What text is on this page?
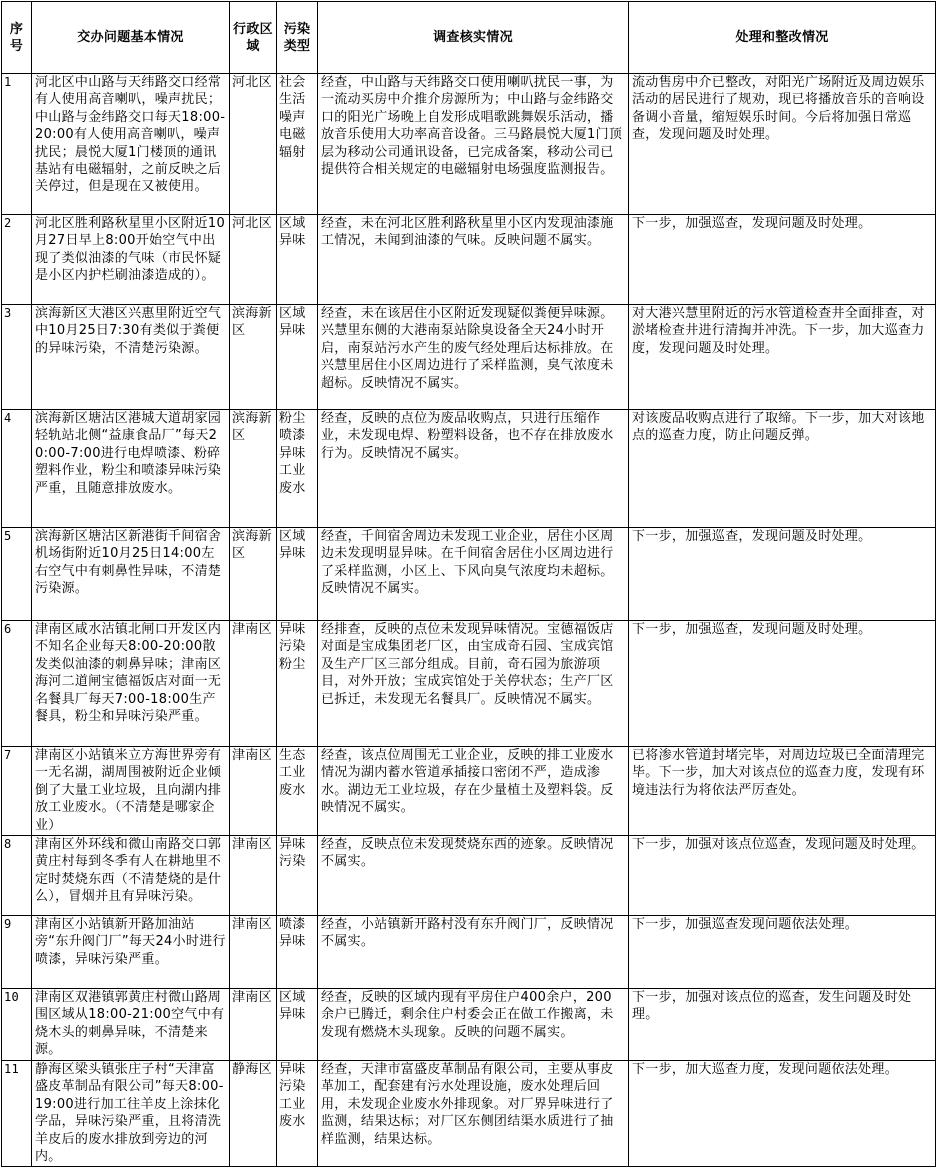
序号	交办问题基本情况	行政区域	污染类型	调查核实情况	处理和整改情况
1	河北区中山路与天纬路交口经常有人使用高音喇叭，噪声扰民；中山路与金纬路交口每天18:00-20:00有人使用高音喇叭，噪声扰民；晨悦大厦1门楼顶的通讯基站有电磁辐射，之前反映之后关停过，但是现在又被使用。	河北区	社会生活噪声电磁辐射	经查，中山路与天纬路交口使用喇叭扰民一事，为一流动买房中介推介房源所为；中山路与金纬路交口的阳光广场晚上自发形成唱歌跳舞娱乐活动，播放音乐使用大功率高音设备。三马路晨悦大厦1门顶层为移动公司通讯设备，已完成备案，移动公司已提供符合相关规定的电磁辐射电场强度监测报告。	流动售房中介已整改，对阳光广场附近及周边娱乐活动的居民进行了规劝，现已将播放音乐的音响设备调小音量，缩短娱乐时间。今后将加强日常巡查，发现问题及时处理。
2	河北区胜利路秋星里小区附近10月27日早上8:00开始空气中出现了类似油漆的气味（市民怀疑是小区内护栏刷油漆造成的）。	河北区	区域异味	经查，未在河北区胜利路秋星里小区内发现油漆施工情况，未闻到油漆的气味。反映问题不属实。	下一步，加强巡查，发现问题及时处理。
3	滨海新区大港区兴惠里附近空气中10月25日7:30有类似于粪便的异味污染，不清楚污染源。	滨海新区	区域异味	经查，未在该居住小区附近发现疑似粪便异味源。兴慧里东侧的大港南泵站除臭设备全天24小时开启，南泵站污水产生的废气经处理后达标排放。在兴慧里居住小区周边进行了采样监测，臭气浓度未超标。反映情况不属实。	对大港兴慧里附近的污水管道检查井全面排查，对淤堵检查井进行清掏并冲洗。下一步，加大巡查力度，发现问题及时处理。
4	滨海新区塘沽区港城大道胡家园轻轨站北侧“益康食品厂”每天20:00-7:00进行电焊喷漆、粉碎塑料作业，粉尘和喷漆异味污染严重，且随意排放废水。	滨海新区	粉尘喷漆异味工业废水	经查，反映的点位为废品收购点，只进行压缩作业，未发现电焊、粉塑料设备，也不存在排放废水行为。反映情况不属实。	对该废品收购点进行了取缔。下一步，加大对该地点的巡查力度，防止问题反弹。
5	滨海新区塘沽区新港街千间宿舍机场街附近10月25日14:00左右空气中有刺鼻性异味，不清楚污染源。	滨海新区	区域异味	经查，千间宿舍周边未发现工业企业，居住小区周边未发现明显异味。在千间宿舍居住小区周边进行了采样监测，小区上、下风向臭气浓度均未超标。反映情况不属实。	下一步，加强巡查，发现问题及时处理。
6	津南区咸水沽镇北闸口开发区内不知名企业每天8:00-20:00散发类似油漆的刺鼻异味；津南区海河二道闸宝德福饭店对面一无名餐具厂每天7:00-18:00生产餐具，粉尘和异味污染严重。	津南区	异味污染粉尘	经排查，反映的点位未发现异味情况。宝德福饭店对面是宝成集团老厂区，由宝成奇石园、宝成宾馆及生产厂区三部分组成。目前，奇石园为旅游项目，对外开放；宝成宾馆处于关停状态；生产厂区已拆迁，未发现无名餐具厂。反映情况不属实。	下一步，加强巡查，发现问题及时处理。
7	津南区小站镇米立方海世界旁有一无名湖，湖周围被附近企业倾倒了大量工业垃圾，且向湖内排放工业废水。（不清楚是哪家企业）	津南区	生态工业废水	经查，该点位周围无工业企业，反映的排工业废水情况为湖内蓄水管道承插接口密闭不严，造成渗水。湖边无工业垃圾，存在少量植土及塑料袋。反映情况不属实。	已将渗水管道封堵完毕，对周边垃圾已全面清理完毕。下一步，加大对该点位的巡查力度，发现有环境违法行为将依法严厉查处。
8	津南区外环线和微山南路交口郭黄庄村每到冬季有人在耕地里不定时焚烧东西（不清楚烧的是什么），冒烟并且有异味污染。	津南区	异味污染	经查，反映点位未发现焚烧东西的迹象。反映情况不属实。	下一步，加强对该点位巡查，发现问题及时处理。
9	津南区小站镇新开路加油站旁“东升阀门厂”每天24小时进行喷漆，异味污染严重。	津南区	喷漆异味	经查，小站镇新开路村没有东升阀门厂，反映情况不属实。	下一步，加强巡查发现问题依法处理。
10	津南区双港镇郭黄庄村微山路周围区域从18:00-21:00空气中有烧木头的刺鼻异味，不清楚来源。	津南区	区域异味	经查，反映的区域内现有平房住户400余户，200余户已腾迁，剩余住户村委会正在做工作搬离，未发现有燃烧木头现象。反映的问题不属实。	下一步，加强对该点位的巡查，发生问题及时处理。
11	静海区梁头镇张庄子村“天津富盛皮革制品有限公司”每天8:00-19:00进行加工往羊皮上涂抹化学品，异味污染严重，且将清洗羊皮后的废水排放到旁边的河内。	静海区	异味污染工业废水	经查，天津市富盛皮革制品有限公司，主要从事皮革加工，配套建有污水处理设施，废水处理后回用，未发现企业废水外排现象。对厂界异味进行了监测，结果达标；对厂区东侧团结渠水质进行了抽样监测，结果达标。	下一步，加大巡查力度，发现问题依法处理。
